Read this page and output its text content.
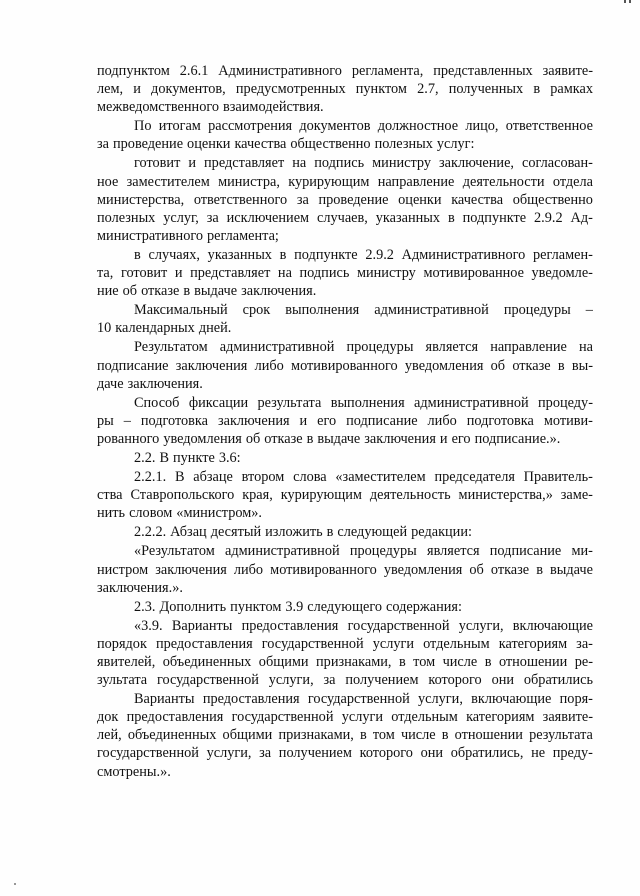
подпунктом 2.6.1 Административного регламента, представленных заявите-
лем, и документов, предусмотренных пунктом 2.7, полученных в рамках
межведомственного взаимодействия.
По итогам рассмотрения документов должностное лицо, ответственное
за проведение оценки качества общественно полезных услуг:
готовит и представляет на подпись министру заключение, согласован-
ное заместителем министра, курирующим направление деятельности отдела
министерства, ответственного за проведение оценки качества общественно
полезных услуг, за исключением случаев, указанных в подпункте 2.9.2 Ад-
министративного регламента;
в случаях, указанных в подпункте 2.9.2 Административного регламен-
та, готовит и представляет на подпись министру мотивированное уведомле-
ние об отказе в выдаче заключения.
Максимальный срок выполнения административной процедуры –
10 календарных дней.
Результатом административной процедуры является направление на
подписание заключения либо мотивированного уведомления об отказе в вы-
даче заключения.
Способ фиксации результата выполнения административной процеду-
ры – подготовка заключения и его подписание либо подготовка мотиви-
рованного уведомления об отказе в выдаче заключения и его подписание.».
2.2. В пункте 3.6:
2.2.1. В абзаце втором слова «заместителем председателя Правитель-
ства Ставропольского края, курирующим деятельность министерства,» заме-
нить словом «министром».
2.2.2. Абзац десятый изложить в следующей редакции:
«Результатом административной процедуры является подписание ми-
нистром заключения либо мотивированного уведомления об отказе в выдаче
заключения.».
2.3. Дополнить пунктом 3.9 следующего содержания:
«3.9. Варианты предоставления государственной услуги, включающие
порядок предоставления государственной услуги отдельным категориям за-
явителей, объединенных общими признаками, в том числе в отношении ре-
зультата государственной услуги, за получением которого они обратились
Варианты предоставления государственной услуги, включающие поря-
док предоставления государственной услуги отдельным категориям заявите-
лей, объединенных общими признаками, в том числе в отношении результата
государственной услуги, за получением которого они обратились, не преду-
смотрены.».
